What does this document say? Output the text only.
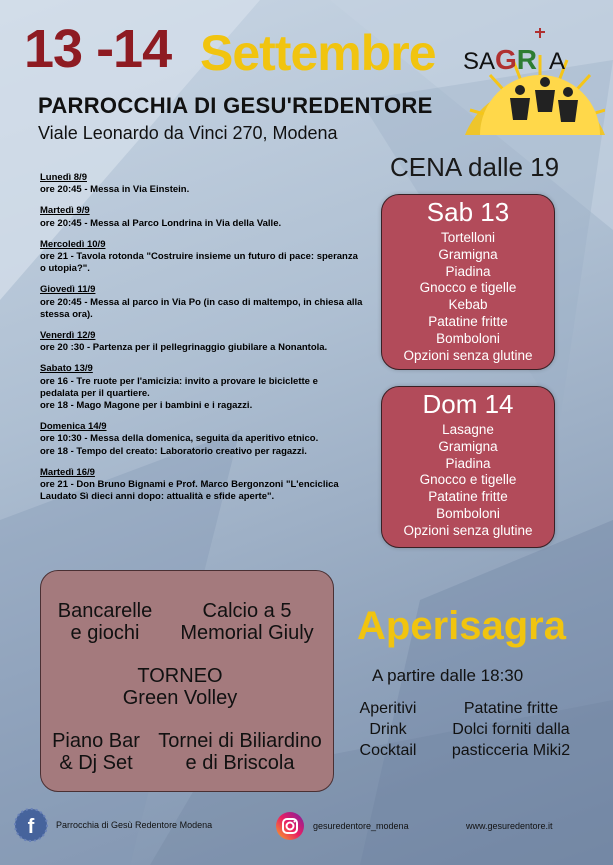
13 -14 Settembre
PARROCCHIA DI GESU'REDENTORE
Viale Leonardo da Vinci 270, Modena
SAGR A
Lunedì 8/9
ore 20:45 - Messa in Via Einstein.
Martedì 9/9
ore 20:45 - Messa al Parco Londrina in Via della Valle.
Mercoledì 10/9
ore 21 - Tavola rotonda "Costruire insieme un futuro di pace: speranza
o utopia?".
Giovedì 11/9
ore 20:45 - Messa al parco in Via Po (in caso di maltempo, in chiesa alla
stessa ora).
Venerdì 12/9
ore 20 :30 - Partenza per il pellegrinaggio giubilare a Nonantola.
Sabato 13/9
ore 16 - Tre ruote per l'amicizia: invito a provare le biciclette e
pedalata per il quartiere.
ore 18 - Mago Magone per i bambini e i ragazzi.
Domenica 14/9
ore 10:30 - Messa della domenica, seguita da aperitivo etnico.
ore 18 - Tempo del creato: Laboratorio creativo per ragazzi.
Martedì 16/9
ore 21 - Don Bruno Bignami e Prof. Marco Bergonzoni "L'enciclica
Laudato Sì dieci anni dopo: attualità e sfide aperte".
CENA dalle 19
Sab 13
Tortelloni
Gramigna
Piadina
Gnocco e tigelle
Kebab
Patatine fritte
Bomboloni
Opzioni senza glutine
Dom 14
Lasagne
Gramigna
Piadina
Gnocco e tigelle
Patatine fritte
Bomboloni
Opzioni senza glutine
Bancarelle
e giochi
Calcio a 5
Memorial Giuly
TORNEO
Green Volley
Piano Bar
& Dj Set
Tornei di Biliardino
e di Briscola
Aperisagra
A partire dalle 18:30
Aperitivi
Drink
Cocktail
Patatine fritte
Dolci forniti dalla
pasticceria Miki2
f Parrocchia di Gesù Redentore Modena	gesuredentore_modena	www.gesuredentore.it
